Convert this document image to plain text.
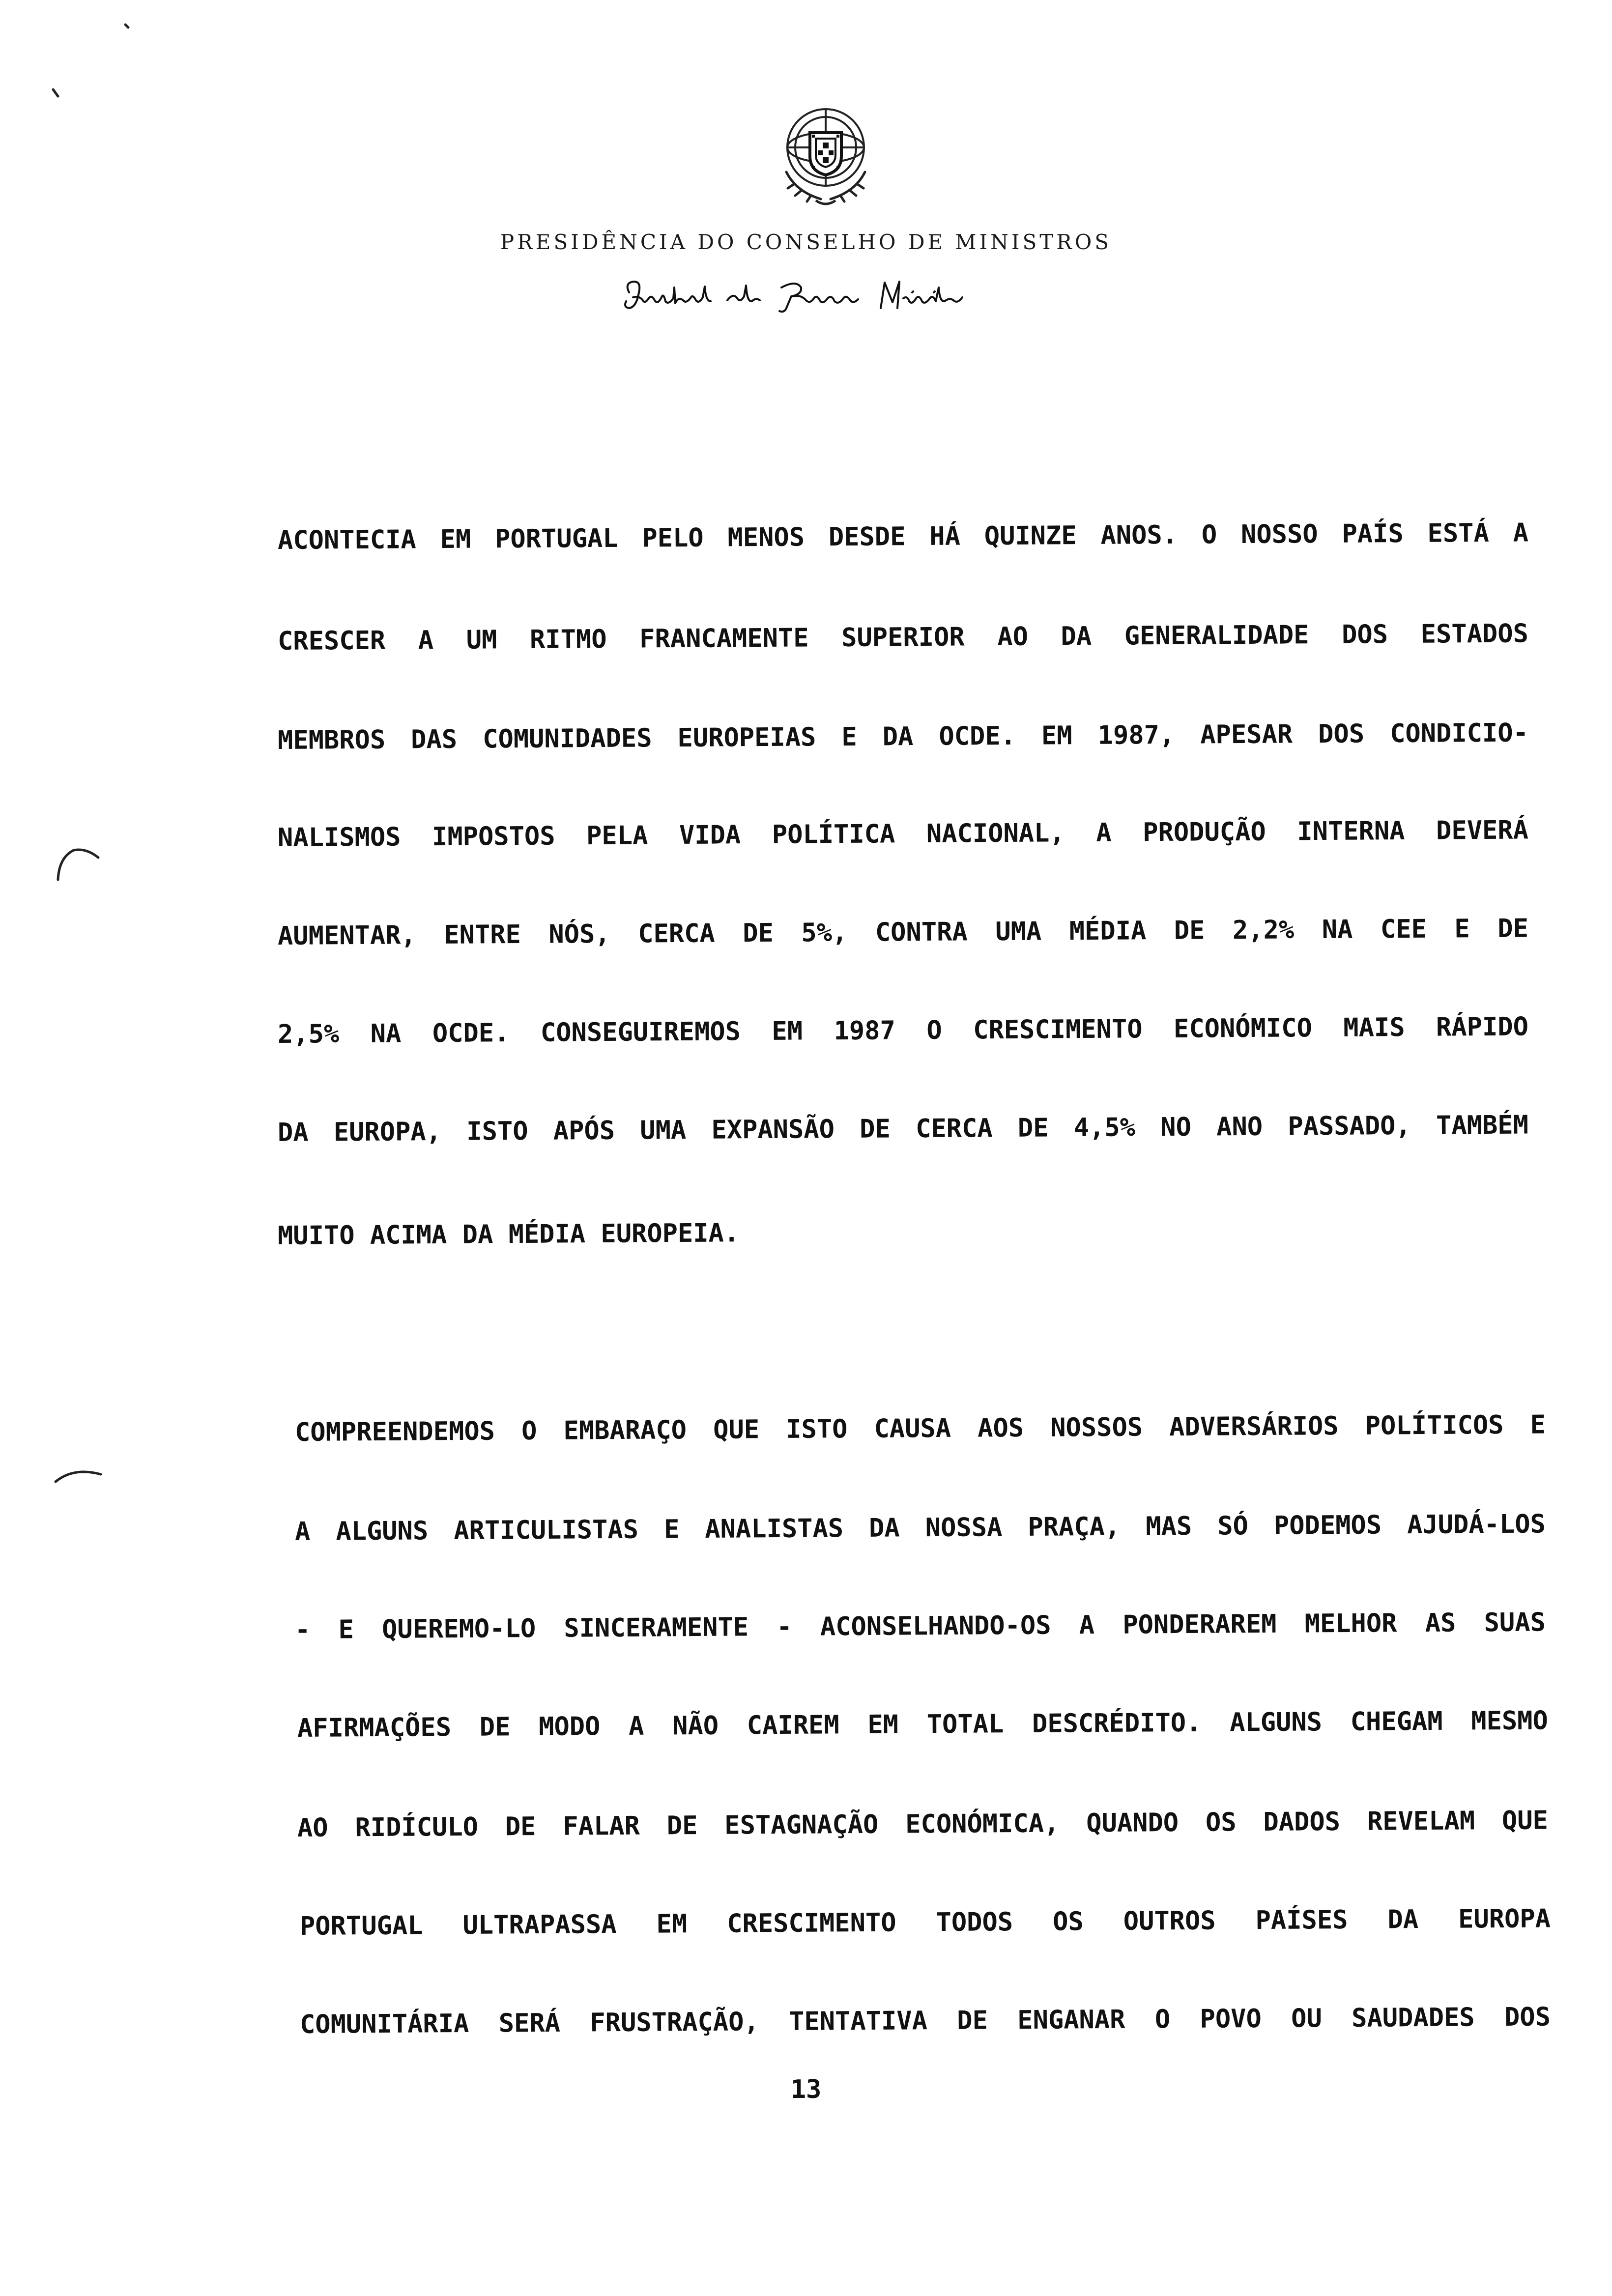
PRESIDÊNCIA DO CONSELHO DE MINISTROS
ACONTECIA EM PORTUGAL PELO MENOS DESDE HÁ QUINZE ANOS. O NOSSO PAÍS ESTÁ A
CRESCER A UM RITMO FRANCAMENTE SUPERIOR AO DA GENERALIDADE DOS ESTADOS
MEMBROS DAS COMUNIDADES EUROPEIAS E DA OCDE. EM 1987, APESAR DOS CONDICIO-
NALISMOS IMPOSTOS PELA VIDA POLÍTICA NACIONAL, A PRODUÇÃO INTERNA DEVERÁ
AUMENTAR, ENTRE NÓS, CERCA DE 5%, CONTRA UMA MÉDIA DE 2,2% NA CEE E DE
2,5% NA OCDE. CONSEGUIREMOS EM 1987 O CRESCIMENTO ECONÓMICO MAIS RÁPIDO
DA EUROPA, ISTO APÓS UMA EXPANSÃO DE CERCA DE 4,5% NO ANO PASSADO, TAMBÉM
MUITO ACIMA DA MÉDIA EUROPEIA.
COMPREENDEMOS O EMBARAÇO QUE ISTO CAUSA AOS NOSSOS ADVERSÁRIOS POLÍTICOS E
A ALGUNS ARTICULISTAS E ANALISTAS DA NOSSA PRAÇA, MAS SÓ PODEMOS AJUDÁ-LOS
- E QUEREMO-LO SINCERAMENTE - ACONSELHANDO-OS A PONDERAREM MELHOR AS SUAS
AFIRMAÇÕES DE MODO A NÃO CAIREM EM TOTAL DESCRÉDITO. ALGUNS CHEGAM MESMO
AO RIDÍCULO DE FALAR DE ESTAGNAÇÃO ECONÓMICA, QUANDO OS DADOS REVELAM QUE
PORTUGAL ULTRAPASSA EM CRESCIMENTO TODOS OS OUTROS PAÍSES DA EUROPA
COMUNITÁRIA SERÁ FRUSTRAÇÃO, TENTATIVA DE ENGANAR O POVO OU SAUDADES DOS
13
